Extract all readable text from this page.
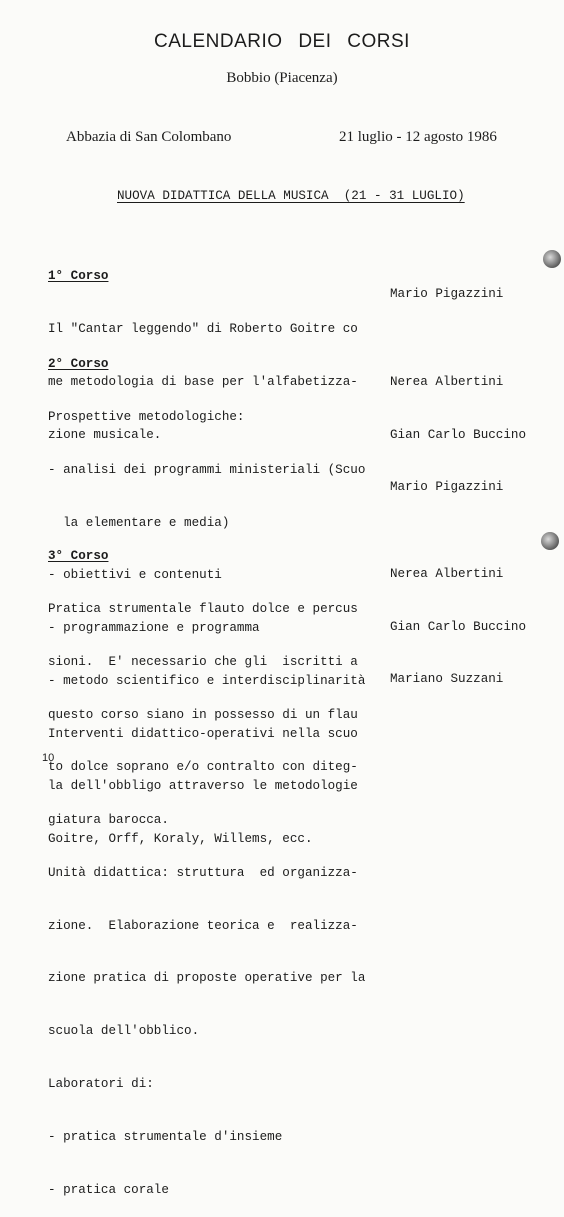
CALENDARIO DEI CORSI
Bobbio (Piacenza)
Abbazia di San Colombano	21 luglio - 12 agosto 1986
NUOVA DIDATTICA DELLA MUSICA  (21 - 31 LUGLIO)

1° Corso

Il "Cantar leggendo" di Roberto Goitre co

me metodologia di base per l'alfabetizza-

zione musicale.

Mario Pigazzini

2° Corso

Prospettive metodologiche:

- analisi dei programmi ministeriali (Scuo

la elementare e media)

- obiettivi e contenuti

- programmazione e programma

- metodo scientifico e interdisciplinarità

Interventi didattico-operativi nella scuo

la dell'obbligo attraverso le metodologie

Goitre, Orff, Koraly, Willems, ecc.

Nerea Albertini

Gian Carlo Buccino

Mario Pigazzini

3° Corso

Pratica strumentale flauto dolce e percus

sioni.  E' necessario che gli  iscritti a

questo corso siano in possesso di un flau

to dolce soprano e/o contralto con diteg-

giatura barocca.

Unità didattica: struttura  ed organizza-

zione.  Elaborazione teorica e  realizza-

zione pratica di proposte operative per la

scuola dell'obblico.

Laboratori di:

- pratica strumentale d'insieme

- pratica corale

Nerea Albertini

Gian Carlo Buccino

Mariano Suzzani

10
